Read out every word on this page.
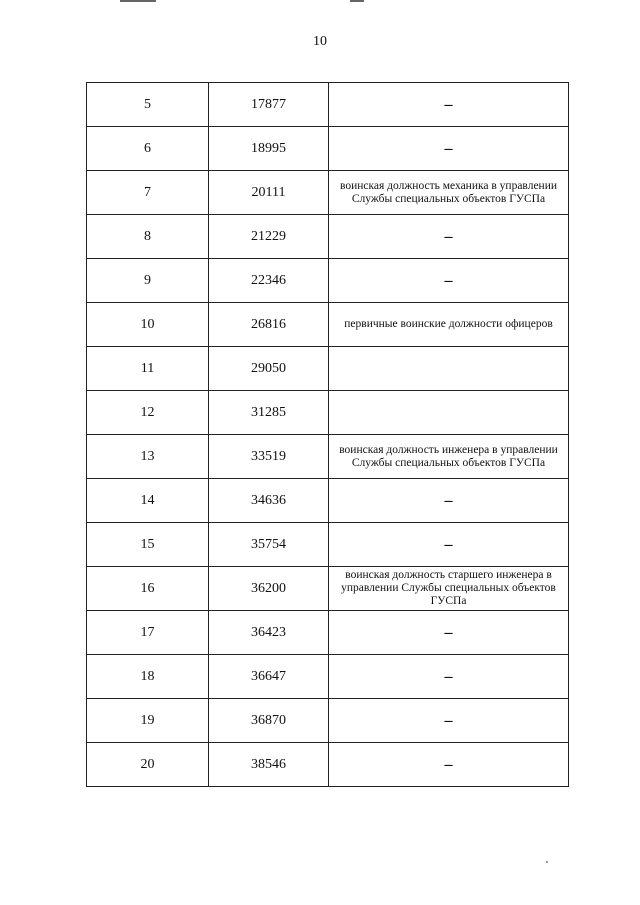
10
5	17877	–
6	18995	–
7	20111	воинская должность механика в управлении Службы специальных объектов ГУСПа
8	21229	–
9	22346	–
10	26816	первичные воинские должности офицеров
11	29050	
12	31285	
13	33519	воинская должность инженера в управлении Службы специальных объектов ГУСПа
14	34636	–
15	35754	–
16	36200	воинская должность старшего инженера в управлении Службы специальных объектов ГУСПа
17	36423	–
18	36647	–
19	36870	–
20	38546	–
